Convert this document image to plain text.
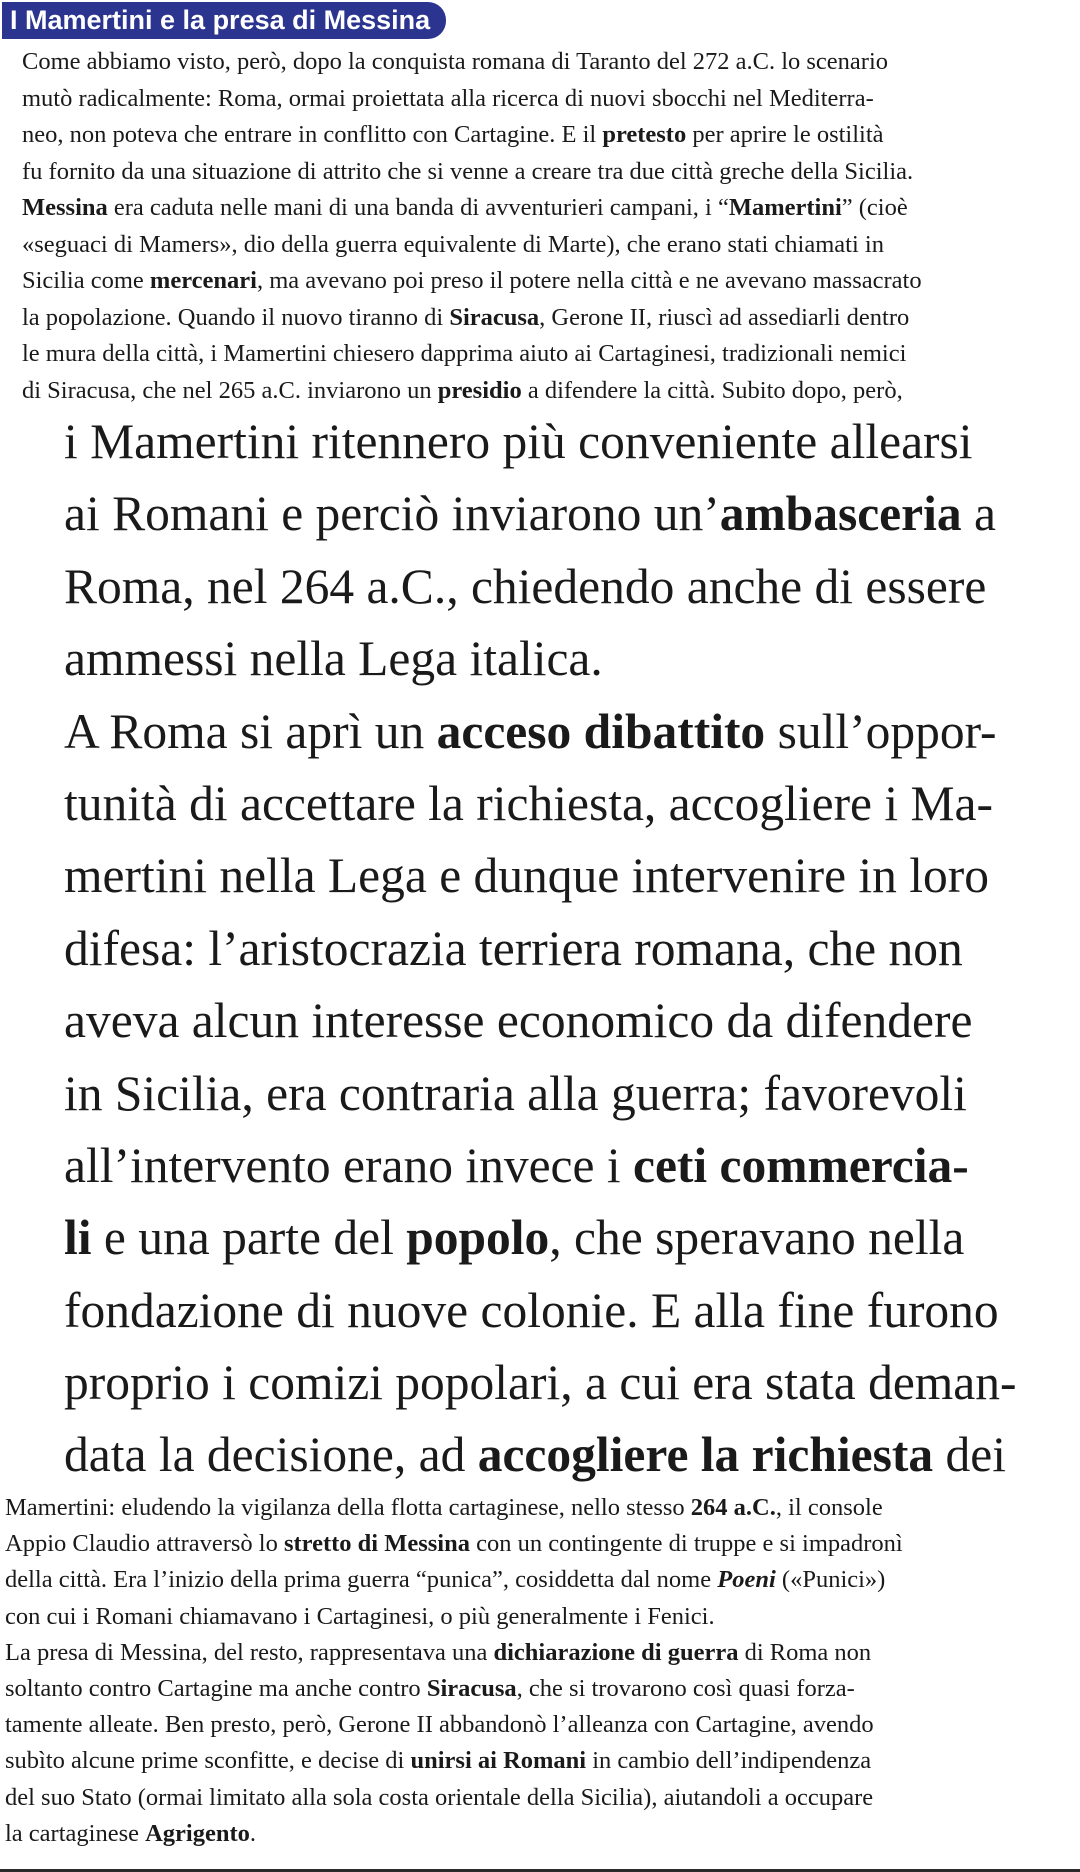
I Mamertini e la presa di Messina
Come abbiamo visto, però, dopo la conquista romana di Taranto del 272 a.C. lo scenario
mutò radicalmente: Roma, ormai proiettata alla ricerca di nuovi sbocchi nel Mediterra-
neo, non poteva che entrare in conflitto con Cartagine. E il pretesto per aprire le ostilità
fu fornito da una situazione di attrito che si venne a creare tra due città greche della Sicilia.
Messina era caduta nelle mani di una banda di avventurieri campani, i “Mamertini” (cioè
«seguaci di Mamers», dio della guerra equivalente di Marte), che erano stati chiamati in
Sicilia come mercenari, ma avevano poi preso il potere nella città e ne avevano massacrato
la popolazione. Quando il nuovo tiranno di Siracusa, Gerone II, riuscì ad assediarli dentro
le mura della città, i Mamertini chiesero dapprima aiuto ai Cartaginesi, tradizionali nemici
di Siracusa, che nel 265 a.C. inviarono un presidio a difendere la città. Subito dopo, però,
i Mamertini ritennero più conveniente allearsi
ai Romani e perciò inviarono un’ambasceria a
Roma, nel 264 a.C., chiedendo anche di essere
ammessi nella Lega italica.
A Roma si aprì un acceso dibattito sull’oppor-
tunità di accettare la richiesta, accogliere i Ma-
mertini nella Lega e dunque intervenire in loro
difesa: l’aristocrazia terriera romana, che non
aveva alcun interesse economico da difendere
in Sicilia, era contraria alla guerra; favorevoli
all’intervento erano invece i ceti commercia-
li e una parte del popolo, che speravano nella
fondazione di nuove colonie. E alla fine furono
proprio i comizi popolari, a cui era stata deman-
data la decisione, ad accogliere la richiesta dei
Mamertini: eludendo la vigilanza della flotta cartaginese, nello stesso 264 a.C., il console
Appio Claudio attraversò lo stretto di Messina con un contingente di truppe e si impadronì
della città. Era l’inizio della prima guerra “punica”, cosiddetta dal nome Poeni («Punici»)
con cui i Romani chiamavano i Cartaginesi, o più generalmente i Fenici.
La presa di Messina, del resto, rappresentava una dichiarazione di guerra di Roma non
soltanto contro Cartagine ma anche contro Siracusa, che si trovarono così quasi forza-
tamente alleate. Ben presto, però, Gerone II abbandonò l’alleanza con Cartagine, avendo
subìto alcune prime sconfitte, e decise di unirsi ai Romani in cambio dell’indipendenza
del suo Stato (ormai limitato alla sola costa orientale della Sicilia), aiutandoli a occupare
la cartaginese Agrigento.
